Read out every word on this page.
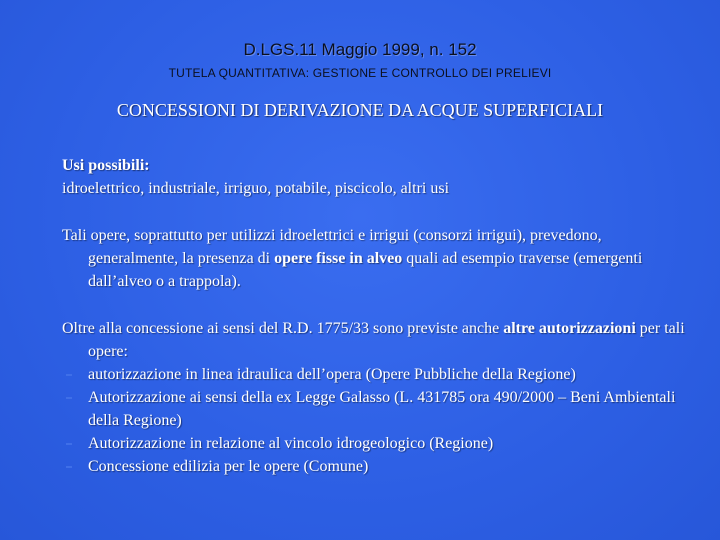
D.LGS.11 Maggio 1999, n. 152
TUTELA QUANTITATIVA: GESTIONE E CONTROLLO DEI PRELIEVI
CONCESSIONI DI DERIVAZIONE DA ACQUE SUPERFICIALI

Usi possibili:

idroelettrico, industriale, irriguo, potabile, piscicolo, altri usi

Tali opere, soprattutto per utilizzi idroelettrici e irrigui (consorzi irrigui), prevedono, generalmente, la presenza di opere fisse in alveo quali ad esempio traverse (emergenti dall’alveo o a trappola).

Oltre alla concessione ai sensi del R.D. 1775/33 sono previste anche altre autorizzazioni per tali opere:

autorizzazione in linea idraulica dell’opera (Opere Pubbliche della Regione)
Autorizzazione ai sensi della ex Legge Galasso (L. 431785 ora 490/2000 – Beni Ambientali della Regione)
Autorizzazione in relazione al vincolo idrogeologico (Regione)
Concessione edilizia per le opere (Comune)
